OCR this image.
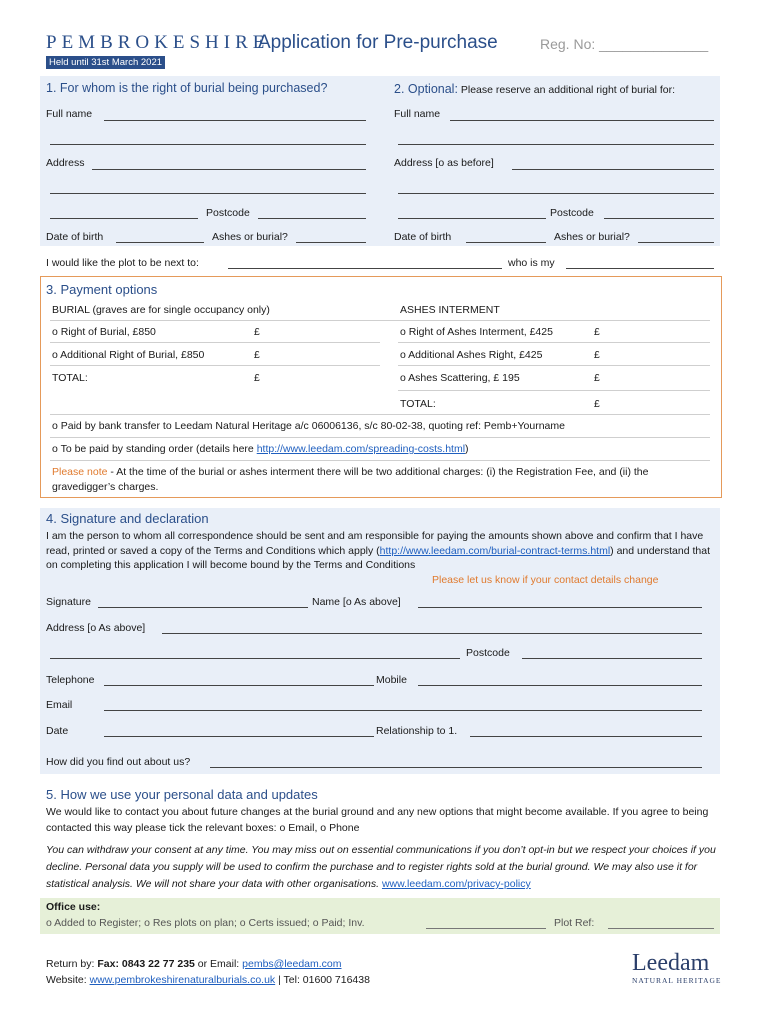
PEMBROKESHIRE
Application for Pre-purchase	Reg. No: ______________
Held until 31st March 2021
1. For whom is the right of burial being purchased?	2. Optional: Please reserve an additional right of burial for:
Full name
Address
Postcode
Date of birth	Ashes or burial?
Full name
Address [o as before]
Postcode
Date of birth	Ashes or burial?
I would like the plot to be next to:	who is my
3. Payment options
BURIAL (graves are for single occupancy only)	ASHES INTERMENT
o Right of Burial, £850	£
o Additional Right of Burial, £850	£
TOTAL:	£
o Right of Ashes Interment, £425	£
o Additional Ashes Right, £425	£
o Ashes Scattering, £ 195	£
TOTAL:	£
o Paid by bank transfer to Leedam Natural Heritage a/c 06006136, s/c 80-02-38, quoting ref: Pemb+Yourname
o To be paid by standing order (details here http://www.leedam.com/spreading-costs.html)
Please note - At the time of the burial or ashes interment there will be two additional charges: (i) the Registration Fee, and (ii) the gravedigger’s charges.
4. Signature and declaration
I am the person to whom all correspondence should be sent and am responsible for paying the amounts shown above and confirm that I have read, printed or saved a copy of the Terms and Conditions which apply (http://www.leedam.com/burial-contract-terms.html) and understand that on completing this application I will become bound by the Terms and Conditions
Please let us know if your contact details change
Signature	Name [o As above]
Address [o As above]
Postcode
Telephone	Mobile
Email
Date	Relationship to 1.
How did you find out about us?
5. How we use your personal data and updates
We would like to contact you about future changes at the burial ground and any new options that might become available. If you agree to being contacted this way please tick the relevant boxes: o Email, o Phone
You can withdraw your consent at any time. You may miss out on essential communications if you don’t opt-in but we respect your choices if you decline. Personal data you supply will be used to confirm the purchase and to register rights sold at the burial ground. We may also use it for statistical analysis. We will not share your data with other organisations. www.leedam.com/privacy-policy
Office use:
o Added to Register; o Res plots on plan; o Certs issued; o Paid; Inv.	Plot Ref:
Return by: Fax: 0843 22 77 235 or Email: pembs@leedam.com
Website: www.pembrokeshirenaturalburials.co.uk | Tel: 01600 716438
Leedam
NATURAL HERITAGE
